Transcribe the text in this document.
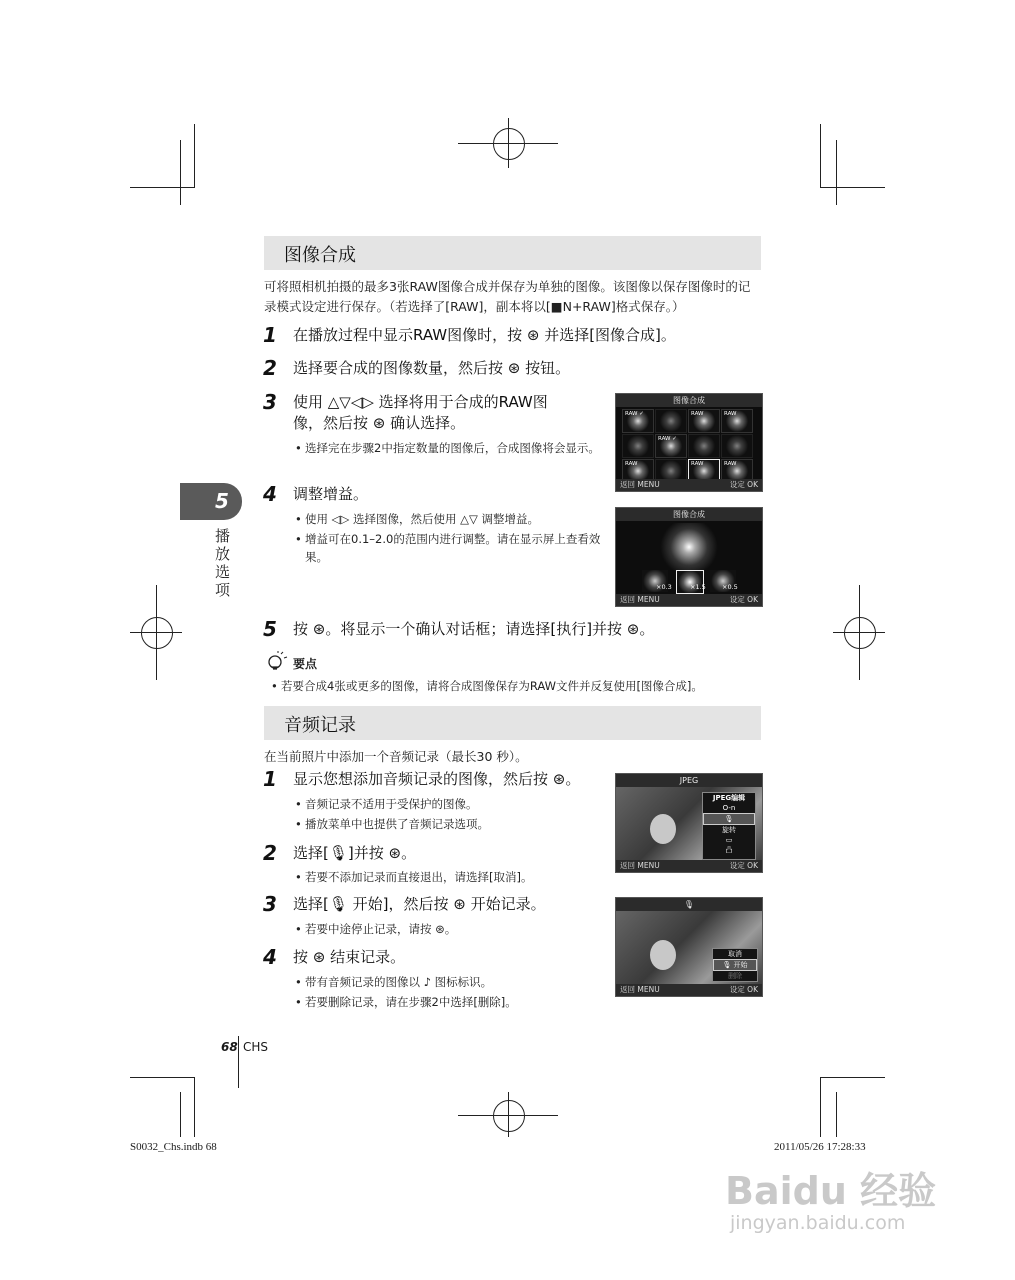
5
播放选项
图像合成
可将照相机拍摄的最多3张RAW图像合成并保存为单独的图像。该图像以保存图像时的记录模式设定进行保存。（若选择了[RAW]，副本将以[■N+RAW]格式保存。）
1 在播放过程中显示RAW图像时，按 ⊛ 并选择[图像合成]。
2 选择要合成的图像数量，然后按 ⊛ 按钮。
3 使用 △▽◁▷ 选择将用于合成的RAW图
像，然后按 ⊛ 确认选择。
• 选择完在步骤2中指定数量的图像后，合成图像将会显示。
4 调整增益。
• 使用 ◁▷ 选择图像，然后使用 △▽ 调整增益。
• 增益可在0.1–2.0的范围内进行调整。请在显示屏上查看效果。
5 按 ⊛。将显示一个确认对话框；请选择[执行]并按 ⊛。
要点
• 若要合成4张或更多的图像，请将合成图像保存为RAW文件并反复使用[图像合成]。
图像合成
RAW ✓	RAW	RAW
RAW ✓
RAW	RAW	RAW
返回 MENU	设定 OK
图像合成
×0.3	×1.5 ×0.5
返回 MENU	设定 OK
音频记录
在当前照片中添加一个音频记录（最长30 秒）。
1 显示您想添加音频记录的图像，然后按 ⊛。
• 音频记录不适用于受保护的图像。
• 播放菜单中也提供了音频记录选项。
2 选择[🎙]并按 ⊛。
• 若要不添加记录而直接退出，请选择[取消]。
3 选择[🎙 开始]，然后按 ⊛ 开始记录。
• 若要中途停止记录，请按 ⊛。
4 按 ⊛ 结束记录。
• 带有音频记录的图像以 ♪ 图标标识。
• 若要删除记录，请在步骤2中选择[删除]。
JPEG
JPEG编辑
O-n
🎙
旋转
▭
凸
返回 MENU	设定 OK
🎙
取消
🎙 开始
删除
返回 MENU	设定 OK
68 CHS
S0032_Chs.indb 68	2011/05/26 17:28:33
Baidu 经验
jingyan.baidu.com
